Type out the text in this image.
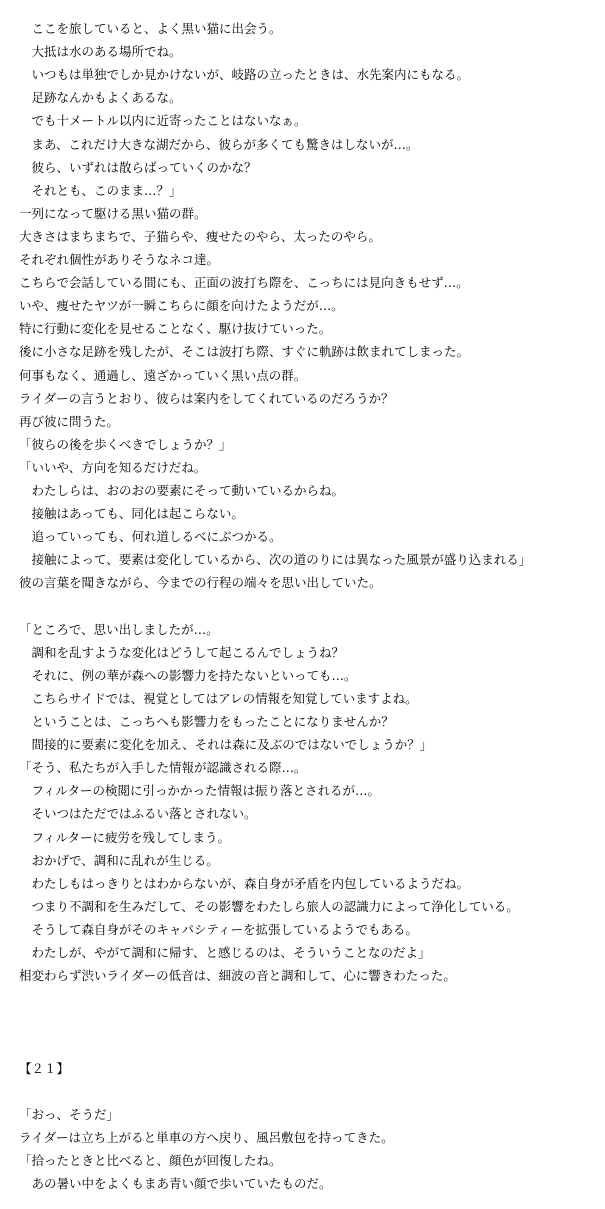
　ここを旅していると、よく黒い猫に出会う。
　大抵は水のある場所でね。
　いつもは単独でしか見かけないが、岐路の立ったときは、水先案内にもなる。
　足跡なんかもよくあるな。
　でも十メートル以内に近寄ったことはないなぁ。
　まあ、これだけ大きな湖だから、彼らが多くても驚きはしないが…。
　彼ら、いずれは散らばっていくのかな？
　それとも、このまま…？」
一列になって駆ける黒い猫の群。
大きさはまちまちで、子猫らや、痩せたのやら、太ったのやら。
それぞれ個性がありそうなネコ達。
こちらで会話している間にも、正面の波打ち際を、こっちには見向きもせず…。
いや、痩せたヤツが一瞬こちらに顔を向けたようだが…。
特に行動に変化を見せることなく、駆け抜けていった。
後に小さな足跡を残したが、そこは波打ち際、すぐに軌跡は飲まれてしまった。
何事もなく、通過し、遠ざかっていく黒い点の群。
ライダーの言うとおり、彼らは案内をしてくれているのだろうか？
再び彼に問うた。
「彼らの後を歩くべきでしょうか？」
「いいや、方向を知るだけだね。
　わたしらは、おのおの要素にそって動いているからね。
　接触はあっても、同化は起こらない。
　追っていっても、何れ道しるべにぶつかる。
　接触によって、要素は変化しているから、次の道のりには異なった風景が盛り込まれる」
彼の言葉を聞きながら、今までの行程の端々を思い出していた。
「ところで、思い出しましたが…。
　調和を乱すような変化はどうして起こるんでしょうね？
　それに、例の華が森への影響力を持たないといっても…。
　こちらサイドでは、視覚としてはアレの情報を知覚していますよね。
　ということは、こっちへも影響力をもったことになりませんか？
　間接的に要素に変化を加え、それは森に及ぶのではないでしょうか？」
「そう、私たちが入手した情報が認識される際…。
　フィルターの検閲に引っかかった情報は振り落とされるが…。
　そいつはただではふるい落とされない。
　フィルターに疲労を残してしまう。
　おかげで、調和に乱れが生じる。
　わたしもはっきりとはわからないが、森自身が矛盾を内包しているようだね。
　つまり不調和を生みだして、その影響をわたしら旅人の認識力によって浄化している。
　そうして森自身がそのキャパシティーを拡張しているようでもある。
　わたしが、やがて調和に帰す、と感じるのは、そういうことなのだよ」
相変わらず渋いライダーの低音は、細波の音と調和して、心に響きわたった。
【２１】
「おっ、そうだ」
ライダーは立ち上がると単車の方へ戻り、風呂敷包を持ってきた。
「拾ったときと比べると、顔色が回復したね。
　あの暑い中をよくもまあ青い顔で歩いていたものだ。
